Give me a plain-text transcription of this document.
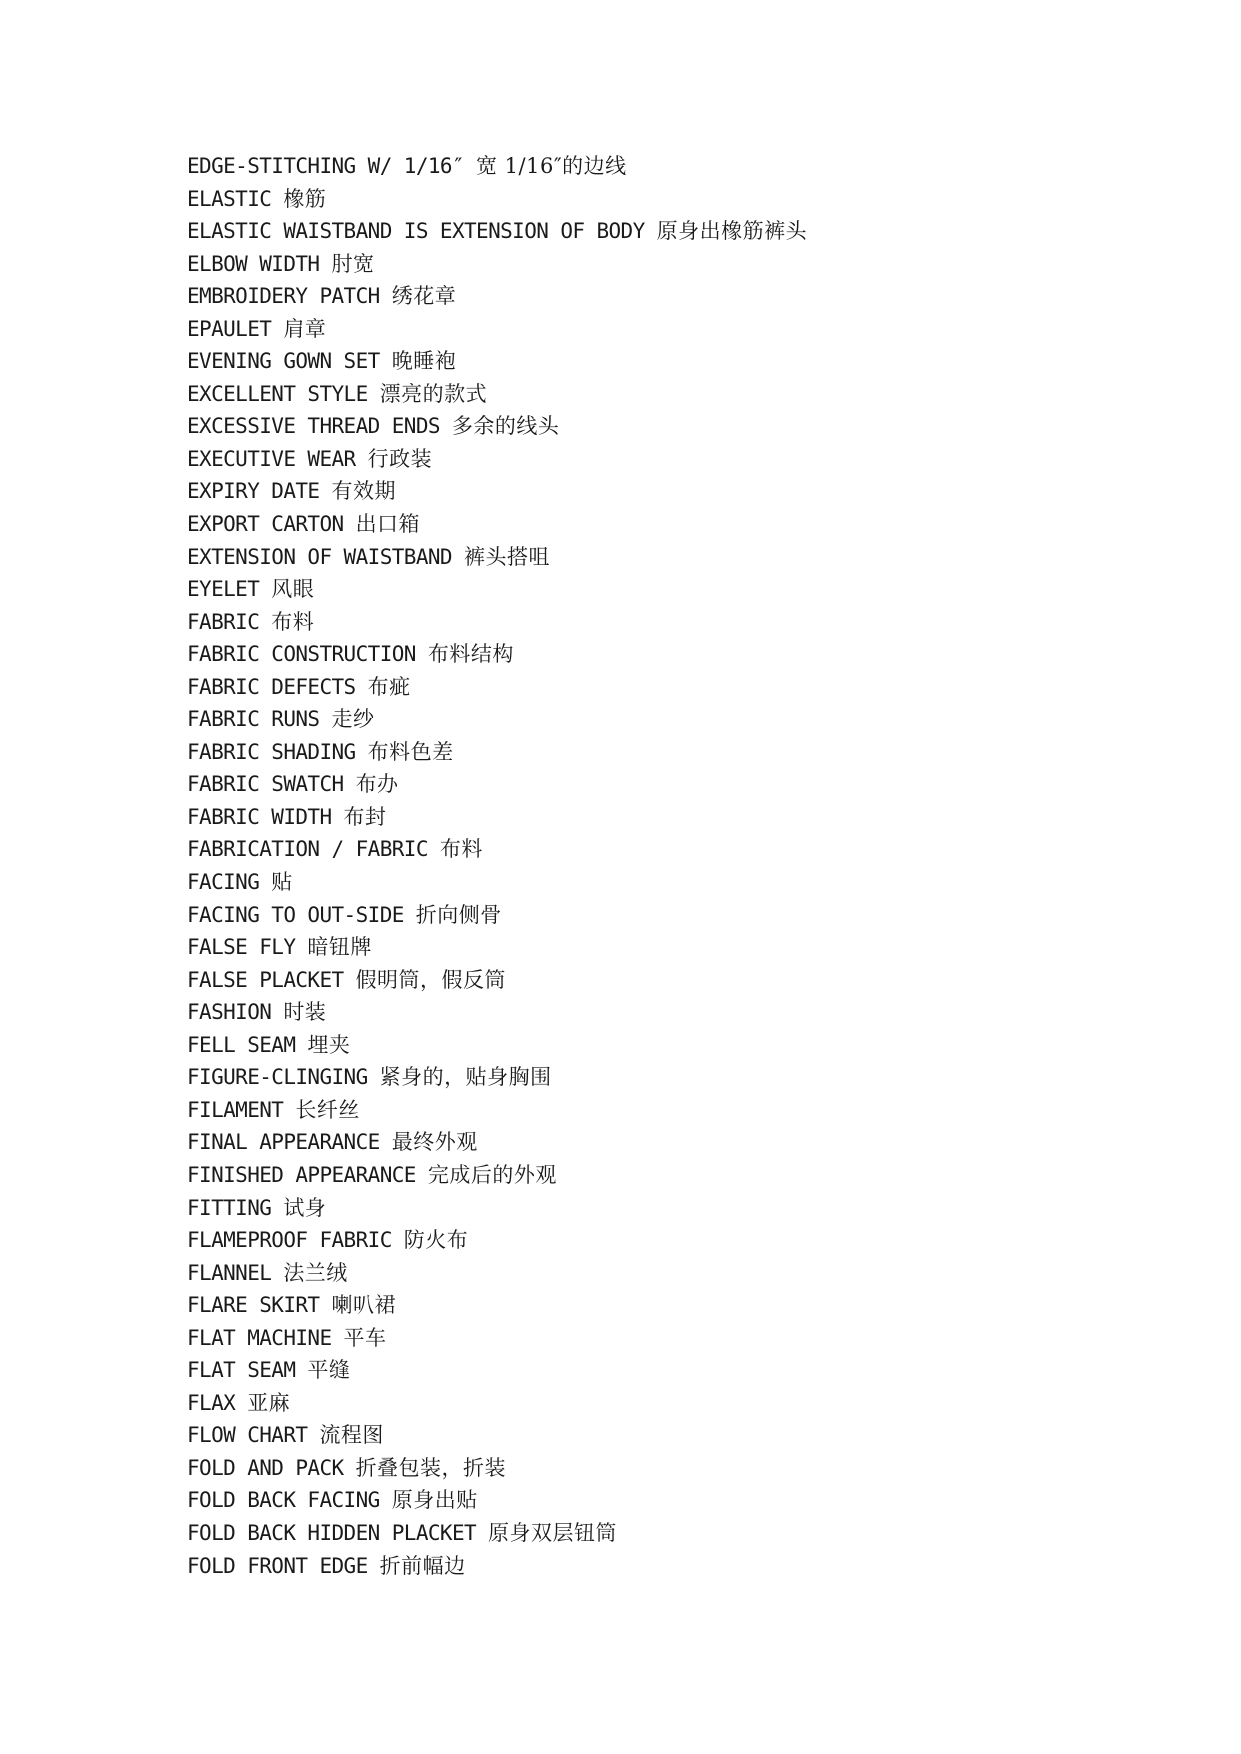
EDGE-STITCHING W/ 1/16″ 宽 1/16″的边线
ELASTIC 橡筋
ELASTIC WAISTBAND IS EXTENSION OF BODY 原身出橡筋裤头
ELBOW WIDTH 肘宽
EMBROIDERY PATCH 绣花章
EPAULET 肩章
EVENING GOWN SET 晚睡袍
EXCELLENT STYLE 漂亮的款式
EXCESSIVE THREAD ENDS 多余的线头
EXECUTIVE WEAR 行政装
EXPIRY DATE 有效期
EXPORT CARTON 出口箱
EXTENSION OF WAISTBAND 裤头搭咀
EYELET 风眼
FABRIC 布料
FABRIC CONSTRUCTION 布料结构
FABRIC DEFECTS 布疵
FABRIC RUNS 走纱
FABRIC SHADING 布料色差
FABRIC SWATCH 布办
FABRIC WIDTH 布封
FABRICATION / FABRIC 布料
FACING 贴
FACING TO OUT-SIDE 折向侧骨
FALSE FLY 暗钮牌
FALSE PLACKET 假明筒，假反筒
FASHION 时装
FELL SEAM 埋夹
FIGURE-CLINGING 紧身的，贴身胸围
FILAMENT 长纤丝
FINAL APPEARANCE 最终外观
FINISHED APPEARANCE 完成后的外观
FITTING 试身
FLAMEPROOF FABRIC 防火布
FLANNEL 法兰绒
FLARE SKIRT 喇叭裙
FLAT MACHINE 平车
FLAT SEAM 平缝
FLAX 亚麻
FLOW CHART 流程图
FOLD AND PACK 折叠包装，折装
FOLD BACK FACING 原身出贴
FOLD BACK HIDDEN PLACKET 原身双层钮筒
FOLD FRONT EDGE 折前幅边
